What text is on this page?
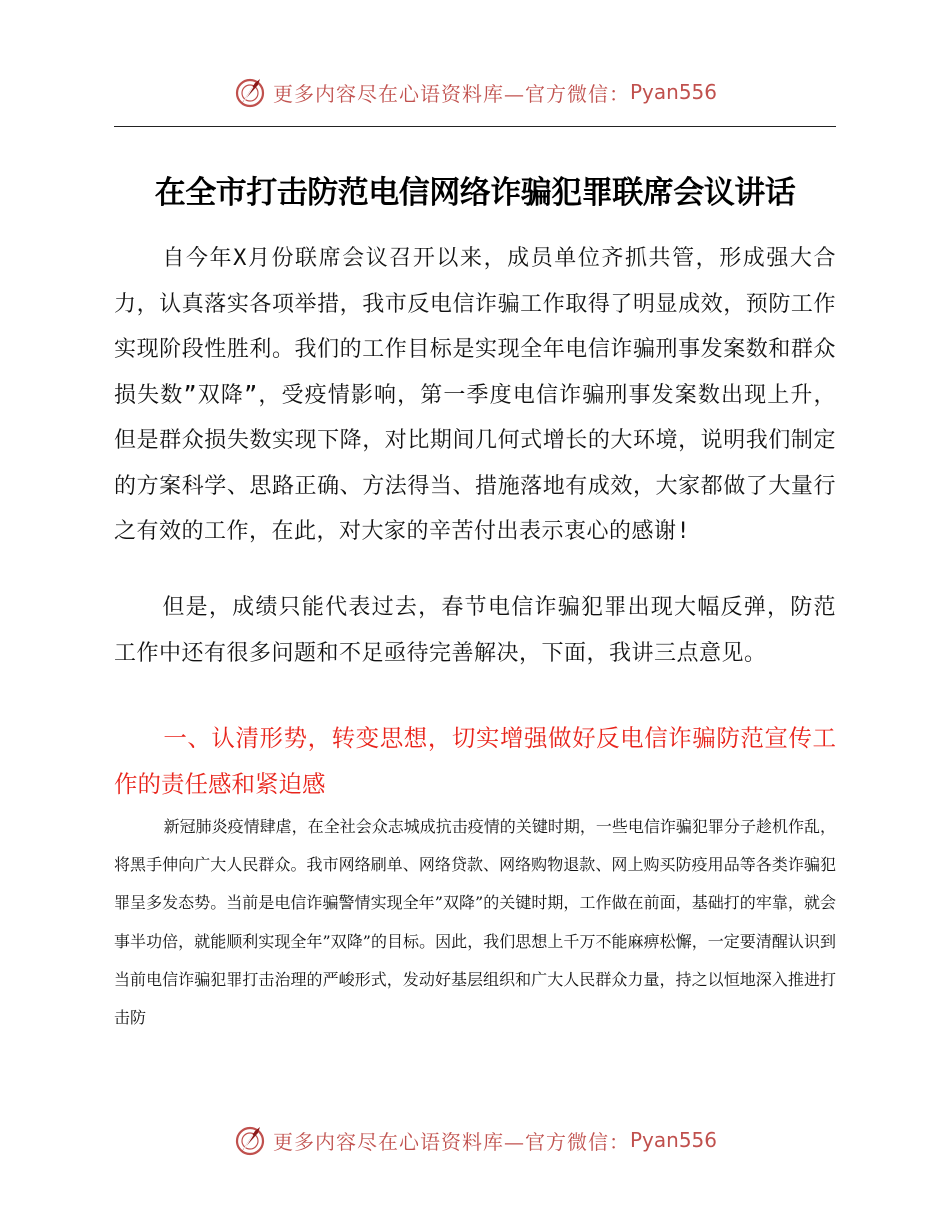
更多内容尽在心语资料库—官方微信： Pyan556
在全市打击防范电信网络诈骗犯罪联席会议讲话

自今年X月份联席会议召开以来，成员单位齐抓共管，形成强大合力，认真落实各项举措，我市反电信诈骗工作取得了明显成效，预防工作实现阶段性胜利。我们的工作目标是实现全年电信诈骗刑事发案数和群众损失数”双降”，受疫情影响，第一季度电信诈骗刑事发案数出现上升，但是群众损失数实现下降，对比期间几何式增长的大环境，说明我们制定的方案科学、思路正确、方法得当、措施落地有成效，大家都做了大量行之有效的工作，在此，对大家的辛苦付出表示衷心的感谢!

但是，成绩只能代表过去，春节电信诈骗犯罪出现大幅反弹，防范工作中还有很多问题和不足亟待完善解决，下面，我讲三点意见。

一、认清形势，转变思想，切实增强做好反电信诈骗防范宣传工作的责任感和紧迫感

新冠肺炎疫情肆虐，在全社会众志城成抗击疫情的关键时期，一些电信诈骗犯罪分子趁机作乱，将黑手伸向广大人民群众。我市网络刷单、网络贷款、网络购物退款、网上购买防疫用品等各类诈骗犯罪呈多发态势。当前是电信诈骗警情实现全年”双降”的关键时期，工作做在前面，基础打的牢靠，就会事半功倍，就能顺利实现全年”双降”的目标。因此，我们思想上千万不能麻痹松懈，一定要清醒认识到当前电信诈骗犯罪打击治理的严峻形式，发动好基层组织和广大人民群众力量，持之以恒地深入推进打击防

更多内容尽在心语资料库—官方微信： Pyan556
